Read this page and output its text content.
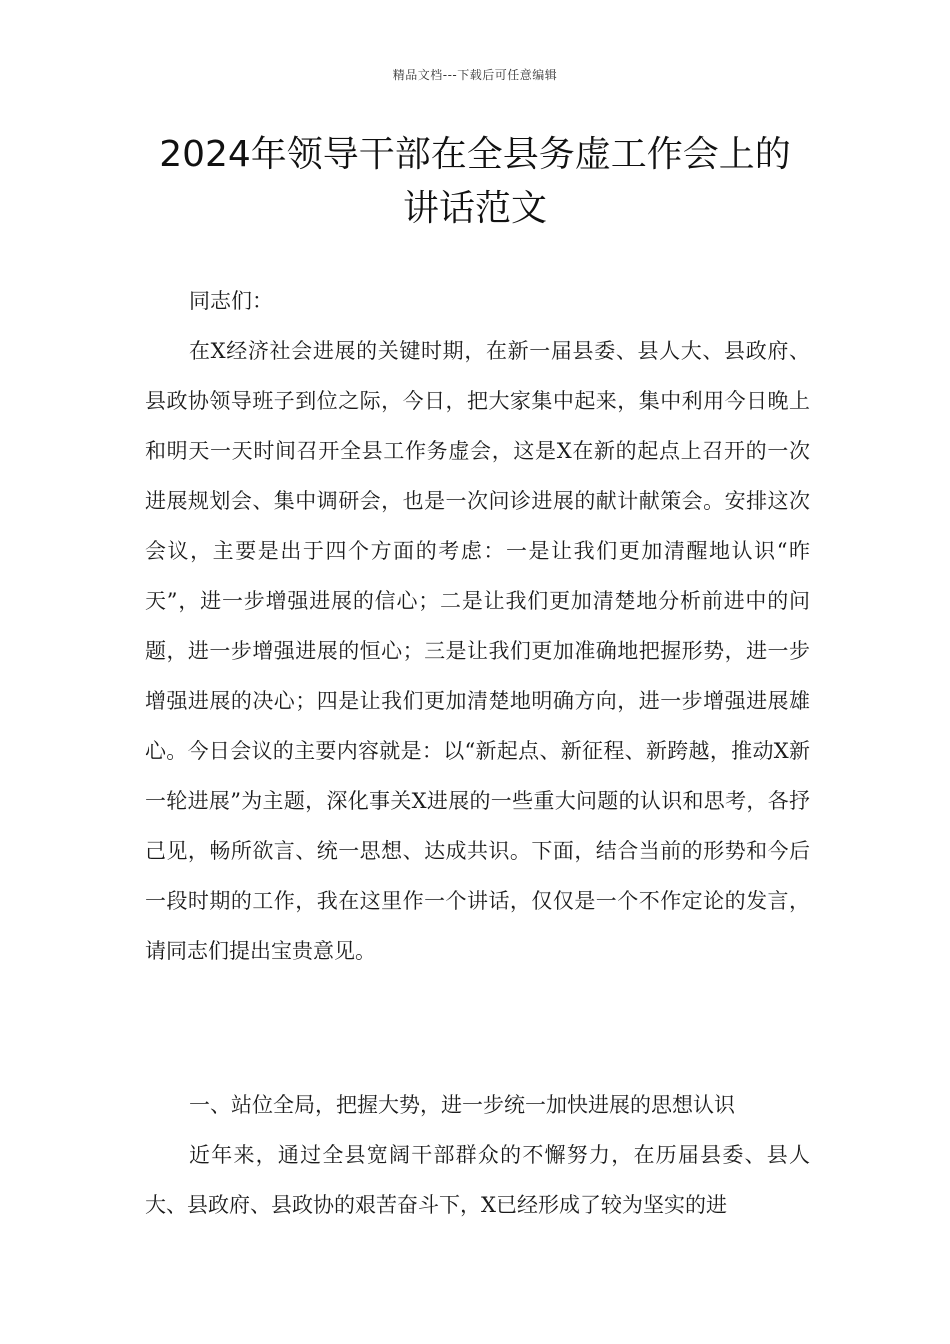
精品文档---下载后可任意编辑
2024年领导干部在全县务虚工作会上的
讲话范文

同志们：

在X经济社会进展的关键时期，在新一届县委、县人大、县政府、县政协领导班子到位之际，今日，把大家集中起来，集中利用今日晚上和明天一天时间召开全县工作务虚会，这是X在新的起点上召开的一次进展规划会、集中调研会，也是一次问诊进展的献计献策会。安排这次会议，主要是出于四个方面的考虑：一是让我们更加清醒地认识“昨天”，进一步增强进展的信心；二是让我们更加清楚地分析前进中的问题，进一步增强进展的恒心；三是让我们更加准确地把握形势，进一步增强进展的决心；四是让我们更加清楚地明确方向，进一步增强进展雄心。今日会议的主要内容就是：以“新起点、新征程、新跨越，推动X新一轮进展”为主题，深化事关X进展的一些重大问题的认识和思考，各抒己见，畅所欲言、统一思想、达成共识。下面，结合当前的形势和今后一段时期的工作，我在这里作一个讲话，仅仅是一个不作定论的发言，请同志们提出宝贵意见。

一、站位全局，把握大势，进一步统一加快进展的思想认识

近年来，通过全县宽阔干部群众的不懈努力，在历届县委、县人大、县政府、县政协的艰苦奋斗下，X已经形成了较为坚实的进
